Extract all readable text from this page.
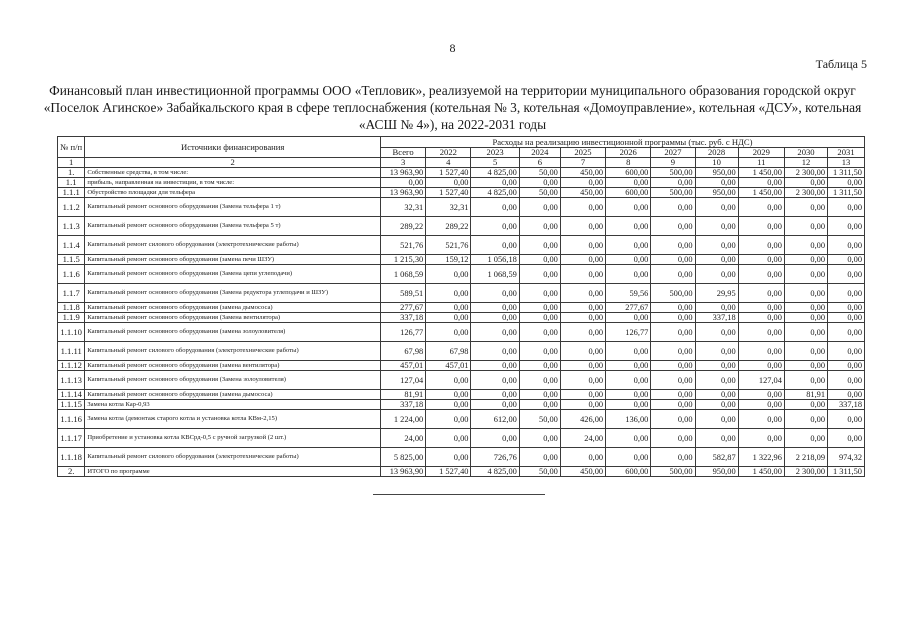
8
Таблица 5
Финансовый план инвестиционной программы ООО «Тепловик», реализуемой на территории муниципального образования городской округ «Поселок Агинское» Забайкальского края в сфере теплоснабжения (котельная № 3, котельная «Домоуправление», котельная «ДСУ», котельная «АСШ № 4»), на 2022-2031 годы
№ п/п	Источники финансирования	Расходы на реализацию инвестиционной программы (тыс. руб. с НДС)										
		Всего	2022	2023	2024	2025	2026	2027	2028	2029	2030	2031
1	2	3	4	5	6	7	8	9	10	11	12	13
1.	Собственные средства, в том числе:	13 963,90	1 527,40	4 825,00	50,00	450,00	600,00	500,00	950,00	1 450,00	2 300,00	1 311,50
1.1	прибыль, направленная на инвестиции, в том числе:	0,00	0,00	0,00	0,00	0,00	0,00	0,00	0,00	0,00	0,00	0,00
1.1.1	Обустройство площадки для тельфера	13 963,90	1 527,40	4 825,00	50,00	450,00	600,00	500,00	950,00	1 450,00	2 300,00	1 311,50
1.1.2	Капитальный ремонт основного оборудования (Замена тельфера 1 т)	32,31	32,31	0,00	0,00	0,00	0,00	0,00	0,00	0,00	0,00	0,00
1.1.3	Капитальный ремонт основного оборудования (Замена тельфера 5 т)	289,22	289,22	0,00	0,00	0,00	0,00	0,00	0,00	0,00	0,00	0,00
1.1.4	Капитальный ремонт силового оборудования (электротехнические работы)	521,76	521,76	0,00	0,00	0,00	0,00	0,00	0,00	0,00	0,00	0,00
1.1.5	Капитальный ремонт основного оборудования (замена печи ШЗУ)	1 215,30	159,12	1 056,18	0,00	0,00	0,00	0,00	0,00	0,00	0,00	0,00
1.1.6	Капитальный ремонт основного оборудования (Замена цепи углеподачи)	1 068,59	0,00	1 068,59	0,00	0,00	0,00	0,00	0,00	0,00	0,00	0,00
1.1.7	Капитальный ремонт основного оборудования (Замена редуктора углеподачи и ШЗУ)	589,51	0,00	0,00	0,00	0,00	59,56	500,00	29,95	0,00	0,00	0,00
1.1.8	Капитальный ремонт основного оборудования (замена дымососа)	277,67	0,00	0,00	0,00	0,00	277,67	0,00	0,00	0,00	0,00	0,00
1.1.9	Капитальный ремонт основного оборудования (Замена вентилятора)	337,18	0,00	0,00	0,00	0,00	0,00	0,00	337,18	0,00	0,00	0,00
1.1.10	Капитальный ремонт основного оборудования (замена золоуловителя)	126,77	0,00	0,00	0,00	0,00	126,77	0,00	0,00	0,00	0,00	0,00
1.1.11	Капитальный ремонт силового оборудования (электротехнические работы)	67,98	67,98	0,00	0,00	0,00	0,00	0,00	0,00	0,00	0,00	0,00
1.1.12	Капитальный ремонт основного оборудования (замена вентилятора)	457,01	457,01	0,00	0,00	0,00	0,00	0,00	0,00	0,00	0,00	0,00
1.1.13	Капитальный ремонт основного оборудования (Замена золоуловителя)	127,04	0,00	0,00	0,00	0,00	0,00	0,00	0,00	127,04	0,00	0,00
1.1.14	Капитальный ремонт основного оборудования (замена дымососа)	81,91	0,00	0,00	0,00	0,00	0,00	0,00	0,00	0,00	81,91	0,00
1.1.15	Замена котла Кар-0,93	337,18	0,00	0,00	0,00	0,00	0,00	0,00	0,00	0,00	0,00	337,18
1.1.16	Замена котла (демонтаж старого котла и установка котла КВм-2,15)	1 224,00	0,00	612,00	50,00	426,00	136,00	0,00	0,00	0,00	0,00	0,00
1.1.17	Приобретение и установка котла КВСрд-0,5 с ручной загрузкой (2 шт.)	24,00	0,00	0,00	0,00	24,00	0,00	0,00	0,00	0,00	0,00	0,00
1.1.18	Капитальный ремонт силового оборудования (электротехнические работы)	5 825,00	0,00	726,76	0,00	0,00	0,00	0,00	582,87	1 322,96	2 218,09	974,32
2.	ИТОГО по программе	13 963,90	1 527,40	4 825,00	50,00	450,00	600,00	500,00	950,00	1 450,00	2 300,00	1 311,50
